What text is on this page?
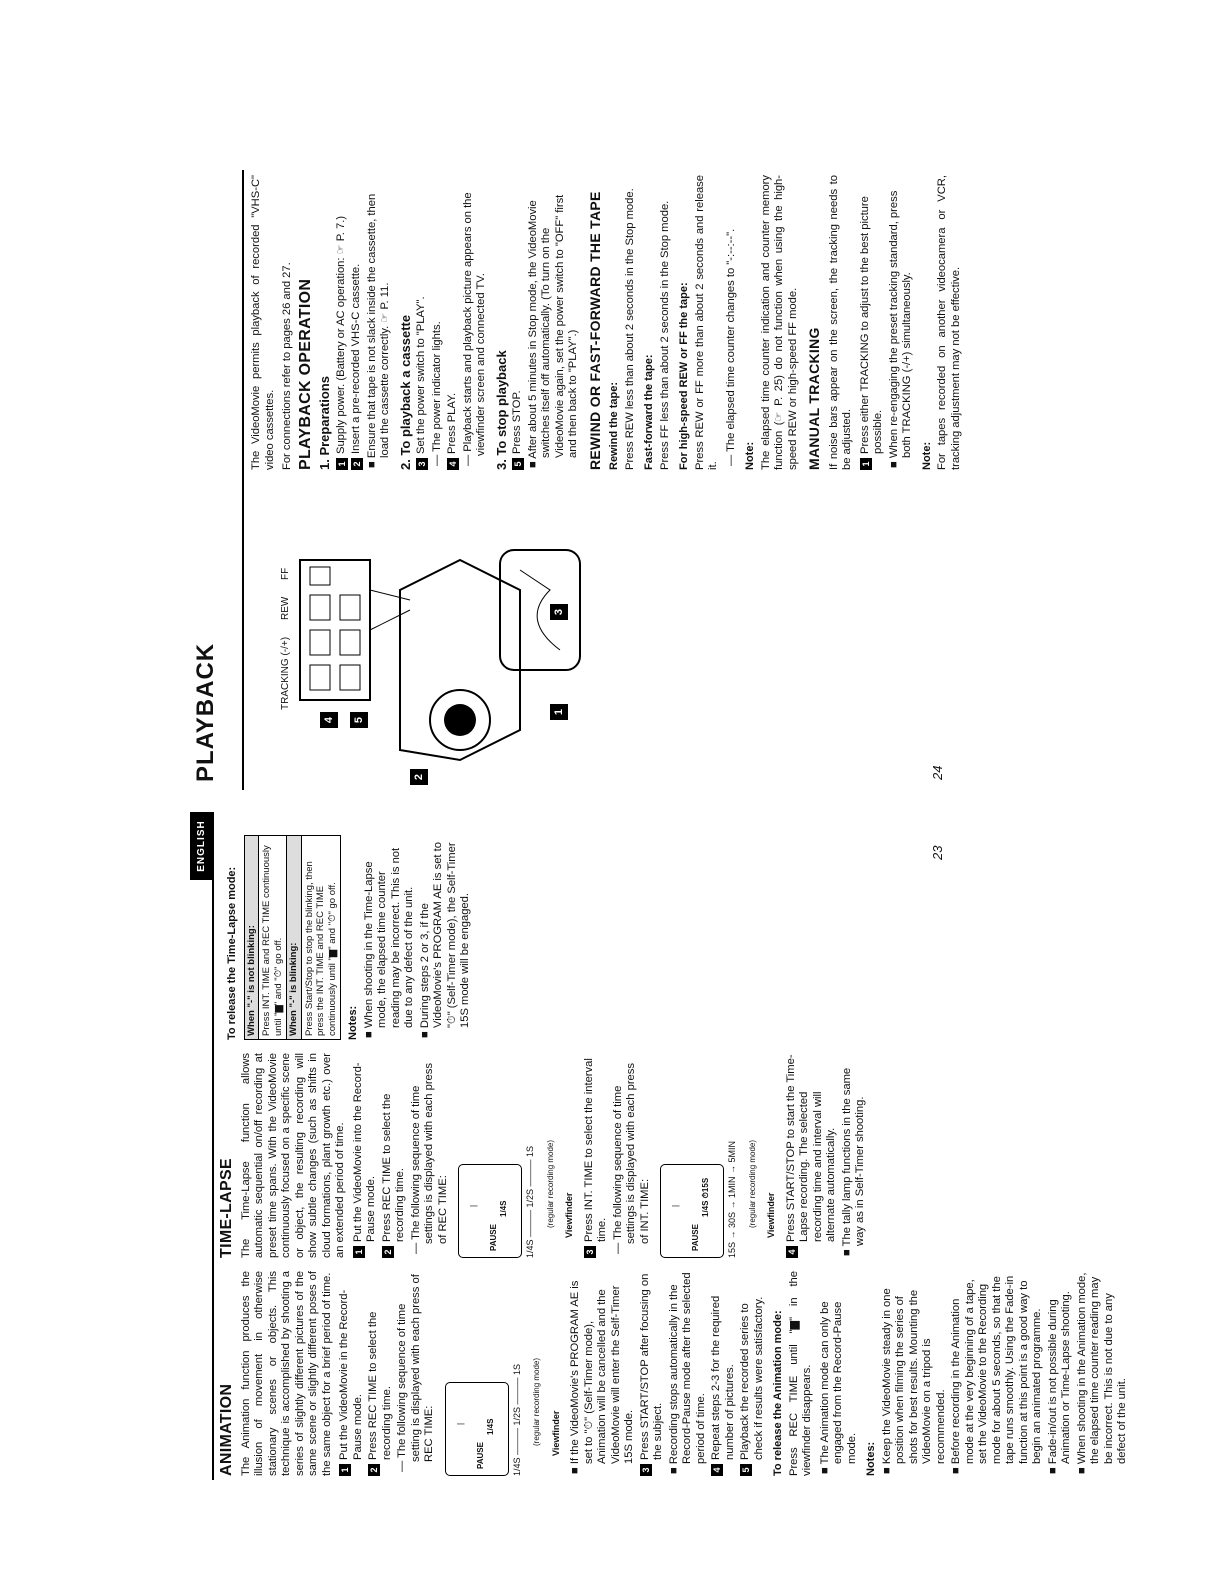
ENGLISH
ANIMATION The Animation function produces the illusion of movement in otherwise stationary scenes or objects. This technique is accomplished by shooting a series of slightly different pictures of the same scene or slightly different poses of the same object for a brief period of time. 1
Put the VideoMovie in the Record-Pause mode.
2
Press REC TIME to select the recording time. — The following sequence of time setting is displayed with each press of REC TIME:	|
PAUSE
1/4S 1/4S ——— 1/2S ——— 1S	(regular recording mode) Viewfinder
■ If the VideoMovie's PROGRAM AE is set to "⏱" (Self-Timer mode), Animation will be cancelled and the VideoMovie will enter the Self-Timer 15S mode.
3
Press START/STOP after focusing on the subject.
■ Recording stops automatically in the Record-Pause mode after the selected period of time.
4
Repeat steps 2-3 for the required number of pictures.
5
Playback the recorded series to check if results were satisfactory. To release the Animation mode: Press REC TIME until "▆" in the viewfinder disappears. ■ The Animation mode can only be engaged from the Record-Pause mode. Notes: ■ Keep the VideoMovie steady in one position when filming the series of shots for best results. Mounting the VideoMovie on a tripod is recommended.
■ Before recording in the Animation mode at the very beginning of a tape, set the VideoMovie to the Recording mode for about 5 seconds, so that the tape runs smoothly. Using the Fade-in function at this point is a good way to begin an animated programme.
■ Fade-in/out is not possible during Animation or Time-Lapse shooting.
■ When shooting in the Animation mode, the elapsed time counter reading may be incorrect. This is not due to any defect of the unit.
TIME-LAPSE The Time-Lapse function allows automatic sequential on/off recording at preset time spans. With the VideoMovie continuously focused on a specific scene or object, the resulting recording will show subtle changes (such as shifts in cloud formations, plant growth etc.) over an extended period of time. 1
Put the VideoMovie into the Record-Pause mode.
2
Press REC TIME to select the recording time. — The following sequence of time settings is displayed with each press of REC TIME:	|
PAUSE
1/4S 1/4S ——— 1/2S ——— 1S	(regular recording mode) Viewfinder
3
Press INT. TIME to select the interval time. — The following sequence of time settings is displayed with each press of INT. TIME:	|
PAUSE
1/4S ⏱15S 15S → 30S → 1MIN → 5MIN	(regular recording mode) Viewfinder
4
Press START/STOP to start the Time-Lapse recording. The selected recording time and interval will alternate automatically.
■ The tally lamp functions in the same way as in Self-Timer shooting.
To release the Time-Lapse mode: When "-" is not blinking: Press INT. TIME and REC TIME continuously until "▆" and "⏱" go off. When "-" is blinking: Press Start/Stop to stop the blinking, then press the INT. TIME and REC TIME continuously until "▆" and "⏱" go off. Notes: ■ When shooting in the Time-Lapse mode, the elapsed time counter reading may be incorrect. This is not due to any defect of the unit.
■ During steps 2 or 3, if the VideoMovie's PROGRAM AE is set to "⏱" (Self-Timer mode), the Self-Timer 15S mode will be engaged.
23
PLAYBACK	TRACKING (-/+)
REW
FF
1
2
3
4 5

The VideoMovie permits playback of recorded "VHS-C" video cassettes. For connections refer to pages 26 and 27. PLAYBACK OPERATION 1. Preparations 1
Supply power. (Battery or AC operation: ☞ P. 7.)
2
Insert a pre-recorded VHS-C cassette.
■ Ensure that tape is not slack inside the cassette, then load the cassette correctly. ☞ P. 11. 2. To playback a cassette 3
Set the power switch to "PLAY". — The power indicator lights. 4
Press PLAY. — Playback starts and playback picture appears on the viewfinder screen and connected TV. 3. To stop playback 5
Press STOP.
■ After about 5 minutes in Stop mode, the VideoMovie switches itself off automatically. (To turn on the VideoMovie again, set the power switch to "OFF" first and then back to "PLAY".) REWIND OR FAST-FORWARD THE TAPE Rewind the tape: Press REW less than about 2 seconds in the Stop mode. Fast-forward the tape: Press FF less than about 2 seconds in the Stop mode. For high-speed REW or FF the tape: Press REW or FF more than about 2 seconds and release it. — The elapsed time counter changes to "-:--:--". Note: The elapsed time counter indication and counter memory function (☞ P. 25) do not function when using the high-speed REW or high-speed FF mode. MANUAL TRACKING If noise bars appear on the screen, the tracking needs to be adjusted. 1
Press either TRACKING to adjust to the best picture possible.
■ When re-engaging the preset tracking standard, press both TRACKING (-/+) simultaneously. Note: For tapes recorded on another videocamera or VCR, tracking adjustment may not be effective.

24
